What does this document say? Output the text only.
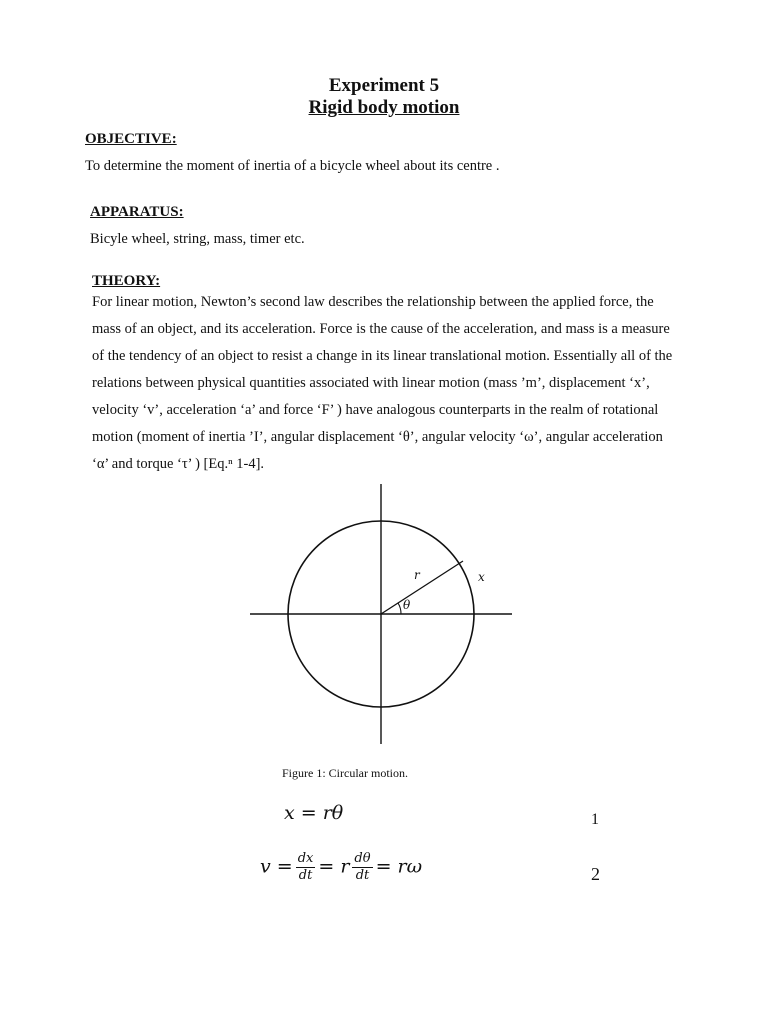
Experiment 5
Rigid body motion
OBJECTIVE:
To determine the moment of inertia of a bicycle wheel about its centre .
APPARATUS:
Bicyle wheel, string, mass, timer etc.
THEORY:
For linear motion, Newton’s second law describes the relationship between the applied force, the
mass of an object, and its acceleration. Force is the cause of the acceleration, and mass is a measure
of the tendency of an object to resist a change in its linear translational motion. Essentially all of the
relations between physical quantities associated with linear motion (mass ’m’, displacement ‘x’,
velocity ‘v’, acceleration ‘a’ and force ‘F’ ) have analogous counterparts in the realm of rotational
motion (moment of inertia ’I’, angular displacement ‘θ’, angular velocity ‘ω’, angular acceleration
‘α’ and torque ‘τ’ ) [Eq.ⁿ 1-4].
r	x
θ
Figure 1: Circular motion.
x = rθ	1
$v = \frac{dx}{dt} = r \frac{d\theta}{dt} = r\omega$	2
